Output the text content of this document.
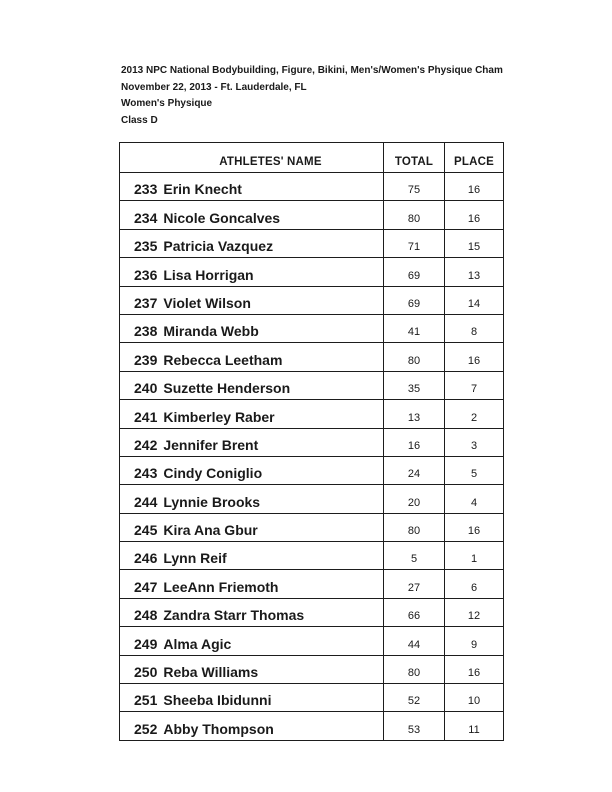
2013 NPC National Bodybuilding, Figure, Bikini, Men's/Women's Physique Cham
November 22, 2013 - Ft. Lauderdale, FL
Women's Physique
Class D
ATHLETES' NAME	TOTAL	PLACE
233 Erin Knecht	75	16
234 Nicole Goncalves	80	16
235 Patricia Vazquez	71	15
236 Lisa Horrigan	69	13
237 Violet Wilson	69	14
238 Miranda Webb	41	8
239 Rebecca Leetham	80	16
240 Suzette Henderson	35	7
241 Kimberley Raber	13	2
242 Jennifer Brent	16	3
243 Cindy Coniglio	24	5
244 Lynnie Brooks	20	4
245 Kira Ana Gbur	80	16
246 Lynn Reif	5	1
247 LeeAnn Friemoth	27	6
248 Zandra Starr Thomas	66	12
249 Alma Agic	44	9
250 Reba Williams	80	16
251 Sheeba Ibidunni	52	10
252 Abby Thompson	53	11
